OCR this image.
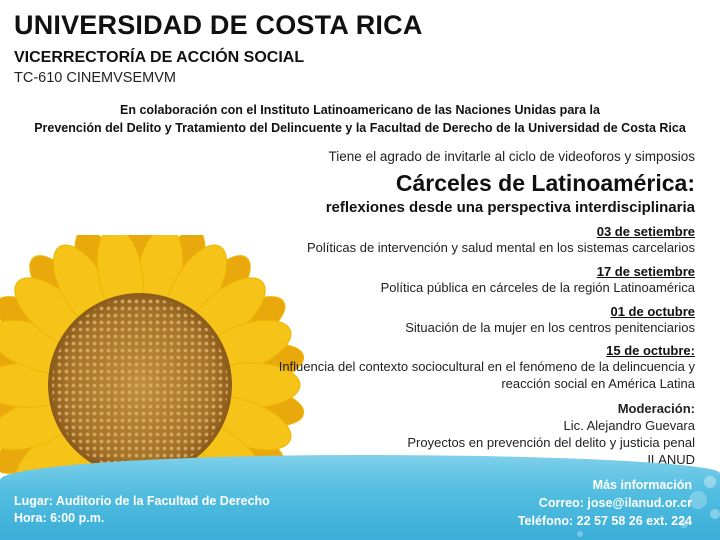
UNIVERSIDAD DE COSTA RICA
VICERRECTORÍA DE ACCIÓN SOCIAL
TC-610 CINEMVSEMVM
En colaboración con el Instituto Latinoamericano de las Naciones Unidas para la
Prevención del Delito y Tratamiento del Delincuente y la Facultad de Derecho de la Universidad de Costa Rica
Tiene el agrado de invitarle al ciclo de videoforos y simposios
Cárceles de Latinoamérica:
reflexiones desde una perspectiva interdisciplinaria
03 de setiembre
Políticas de intervención y salud mental en los sistemas carcelarios
17 de setiembre
Política pública en cárceles de la región Latinoamérica
01 de octubre
Situación de la mujer en los centros penitenciarios
15 de octubre:
Influencia del contexto sociocultural en el fenómeno de la delincuencia y
reacción social en América Latina
Moderación:
Lic. Alejandro Guevara
Proyectos en prevención del delito y justicia penal
ILANUD
Lugar: Auditorio de la Facultad de Derecho
Hora: 6:00 p.m.
Más información
Correo: jose@ilanud.or.cr
Teléfono: 22 57 58 26 ext. 224
